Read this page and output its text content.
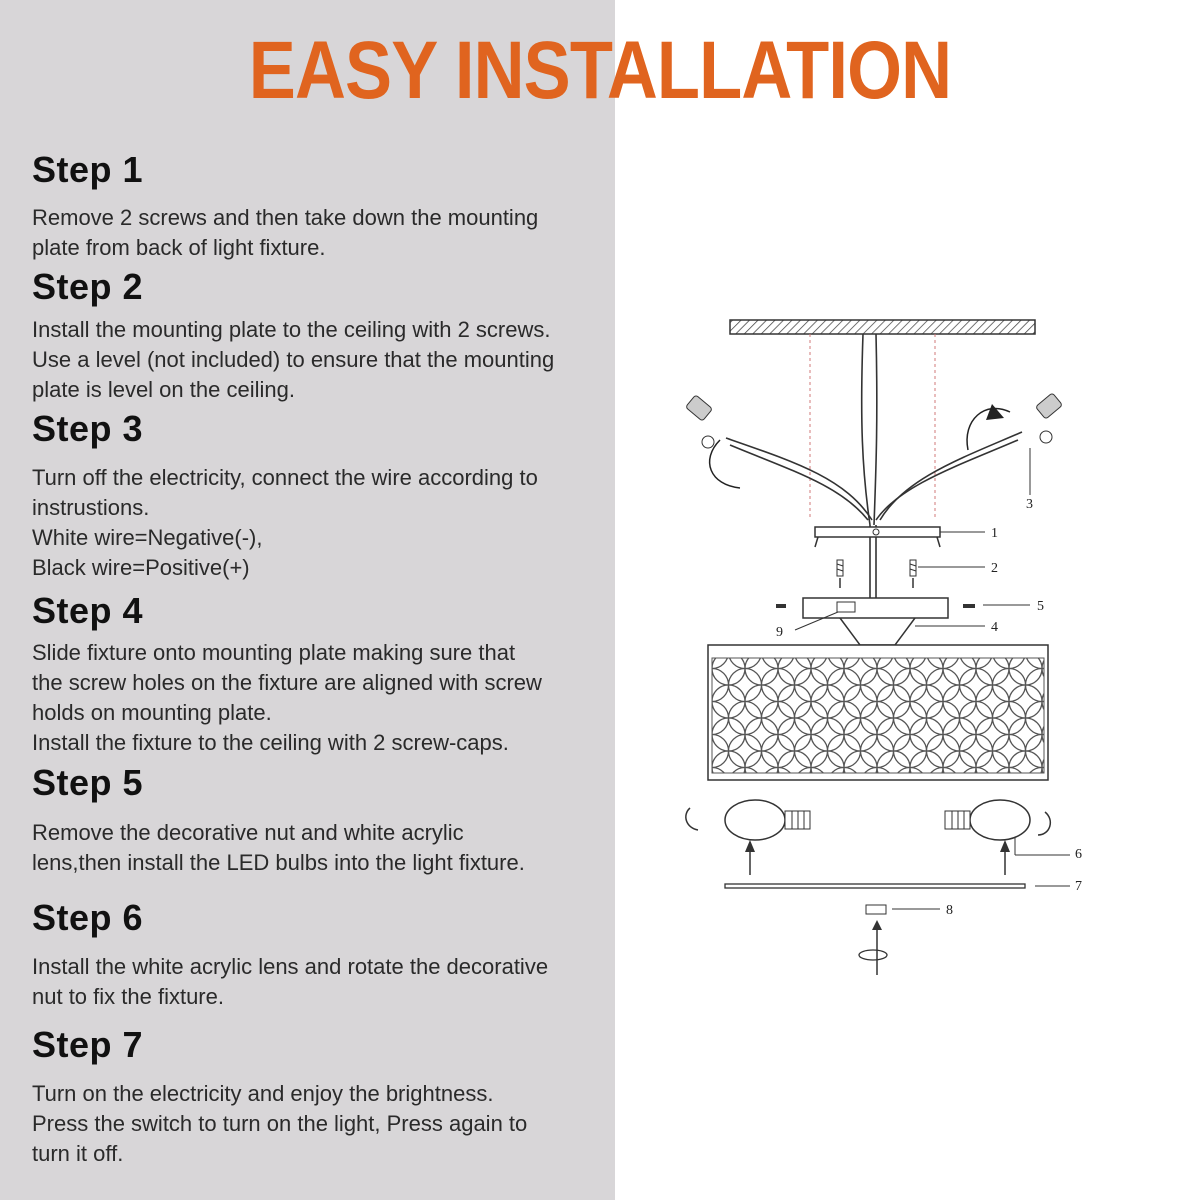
EASY INSTALLATION
Step 1
Remove 2 screws and then take down the mounting
plate from back of light fixture.
Step 2
Install the mounting plate to the ceiling with 2 screws.
Use a level (not included) to ensure that the mounting
plate is level on the ceiling.
Step 3
Turn off the electricity, connect the wire according to
instrustions.
White wire=Negative(-),
Black wire=Positive(+)
Step 4
Slide fixture onto mounting plate making sure that
the screw holes on the fixture are aligned with screw
holds on mounting plate.
Install the fixture to the ceiling with 2 screw-caps.
Step 5
Remove the decorative nut and white acrylic
lens,then install the LED bulbs into the light fixture.
Step 6
Install the white acrylic lens and rotate the decorative
nut to fix the fixture.
Step 7
Turn on the electricity and enjoy the brightness.
Press the switch to turn on the light, Press again to
turn it off.
1
2
3
4
5
6
7
8
9
